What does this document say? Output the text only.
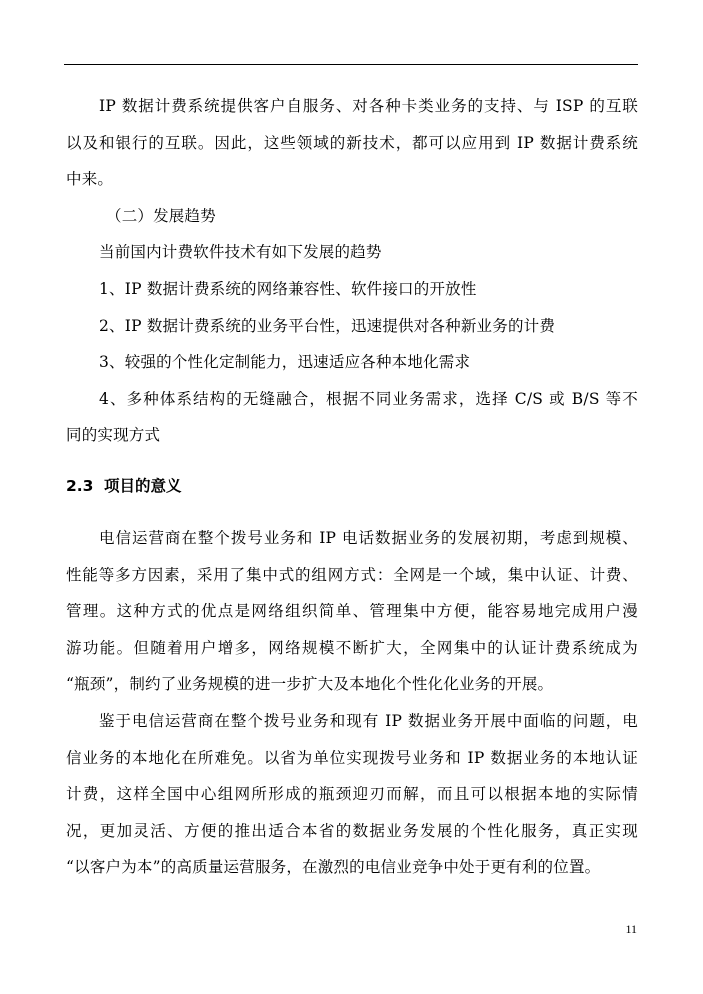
IP 数据计费系统提供客户自服务、对各种卡类业务的支持、与 ISP 的互联
以及和银行的互联。因此，这些领域的新技术，都可以应用到 IP 数据计费系统
中来。
（二）发展趋势
当前国内计费软件技术有如下发展的趋势
1、IP 数据计费系统的网络兼容性、软件接口的开放性
2、IP 数据计费系统的业务平台性，迅速提供对各种新业务的计费
3、较强的个性化定制能力，迅速适应各种本地化需求
4、多种体系结构的无缝融合，根据不同业务需求，选择 C/S 或 B/S 等不
同的实现方式
2.3 项目的意义
电信运营商在整个拨号业务和 IP 电话数据业务的发展初期，考虑到规模、
性能等多方因素，采用了集中式的组网方式：全网是一个域，集中认证、计费、
管理。这种方式的优点是网络组织简单、管理集中方便，能容易地完成用户漫
游功能。但随着用户增多，网络规模不断扩大，全网集中的认证计费系统成为
“瓶颈”，制约了业务规模的进一步扩大及本地化个性化化业务的开展。
鉴于电信运营商在整个拨号业务和现有 IP 数据业务开展中面临的问题，电
信业务的本地化在所难免。以省为单位实现拨号业务和 IP 数据业务的本地认证
计费，这样全国中心组网所形成的瓶颈迎刃而解，而且可以根据本地的实际情
况，更加灵活、方便的推出适合本省的数据业务发展的个性化服务，真正实现
“以客户为本”的高质量运营服务，在激烈的电信业竞争中处于更有利的位置。
11
